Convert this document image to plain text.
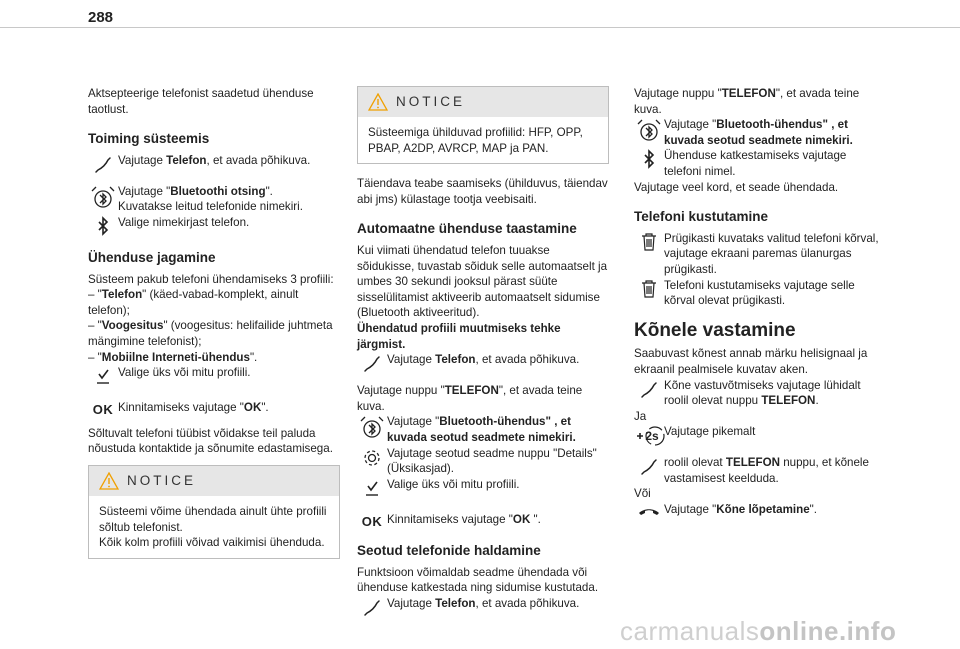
288

Aktsepteerige telefonist saadetud ühenduse taotlust.

Toiming süsteemis
Vajutage Telefon, et avada põhikuva.
Vajutage "Bluetoothi otsing".
Kuvatakse leitud telefonide nimekiri.
Valige nimekirjast telefon.
Ühenduse jagamine

Süsteem pakub telefoni ühendamiseks 3 profiili:

– "Telefon" (käed-vabad-komplekt, ainult telefon);

– "Voogesitus" (voogesitus: helifailide juhtmeta mängimine telefonist);

– "Mobiilne Interneti-ühendus".

Valige üks või mitu profiili.
OK Kinnitamiseks vajutage "OK".

Sõltuvalt telefoni tüübist võidakse teil paluda nõustuda kontaktide ja sõnumite edastamisega.

NOTICE
Süsteemi võime ühendada ainult ühte profiili sõltub telefonist.
Kõik kolm profiili võivad vaikimisi ühenduda.
NOTICE
Süsteemiga ühilduvad profiilid: HFP, OPP, PBAP, A2DP, AVRCP, MAP ja PAN.

Täiendava teabe saamiseks (ühilduvus, täiendav abi jms) külastage tootja veebisaiti.

Automaatne ühenduse taastamine

Kui viimati ühendatud telefon tuuakse sõidukisse, tuvastab sõiduk selle automaatselt ja umbes 30 sekundi jooksul pärast süüte sisselülitamist aktiveerib automaatselt sidumise (Bluetooth aktiveeritud).

Ühendatud profiili muutmiseks tehke järgmist.

Vajutage Telefon, et avada põhikuva.

Vajutage nuppu "TELEFON", et avada teine kuva.

Vajutage "Bluetooth-ühendus" , et kuvada seotud seadmete nimekiri.
Vajutage seotud seadme nuppu "Details" (Üksikasjad).
Valige üks või mitu profiili.
OK Kinnitamiseks vajutage "OK ".
Seotud telefonide haldamine

Funktsioon võimaldab seadme ühendada või ühenduse katkestada ning sidumise kustutada.

Vajutage Telefon, et avada põhikuva.

Vajutage nuppu "TELEFON", et avada teine kuva.

Vajutage "Bluetooth-ühendus" , et kuvada seotud seadmete nimekiri.
Ühenduse katkestamiseks vajutage telefoni nimel.

Vajutage veel kord, et seade ühendada.

Telefoni kustutamine
Prügikasti kuvataks valitud telefoni kõrval, vajutage ekraani paremas ülanurgas prügikasti.
Telefoni kustutamiseks vajutage selle kõrval olevat prügikasti.
Kõnele vastamine

Saabuvast kõnest annab märku helisignaal ja ekraanil pealmisele kuvatav aken.

Kõne vastuvõtmiseks vajutage lühidalt roolil olevat nuppu TELEFON.

Ja

2s Vajutage pikemalt
roolil olevat TELEFON nuppu, et kõnele vastamisest keelduda.

Või

Vajutage "Kõne lõpetamine".
carmanualsonline.info
